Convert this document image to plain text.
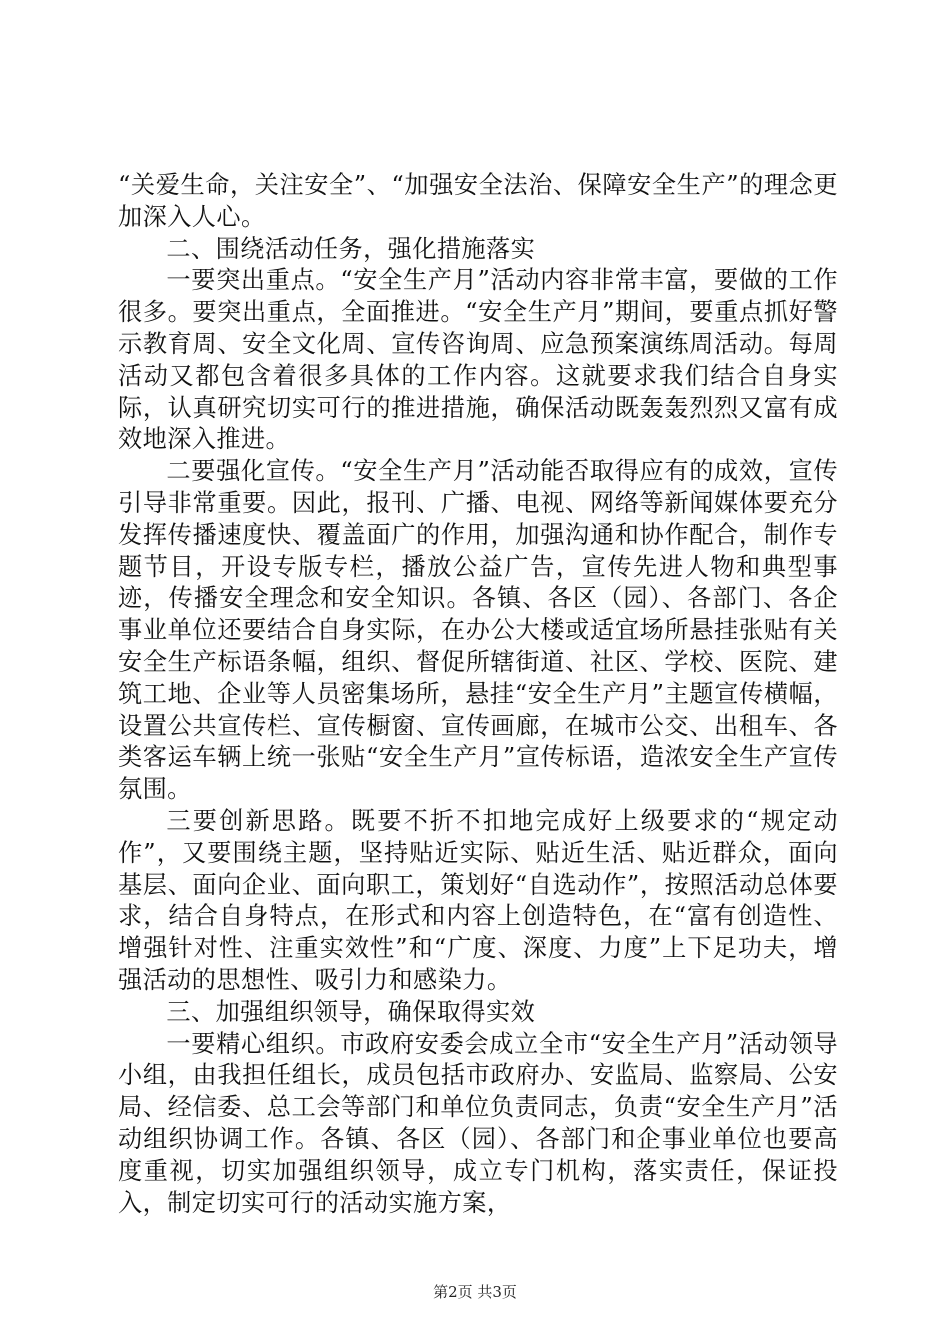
“关爱生命，关注安全”、“加强安全法治、保障安全生产”的理念更加深入人心。

二、围绕活动任务，强化措施落实

一要突出重点。“安全生产月”活动内容非常丰富，要做的工作很多。要突出重点，全面推进。“安全生产月”期间，要重点抓好警示教育周、安全文化周、宣传咨询周、应急预案演练周活动。每周活动又都包含着很多具体的工作内容。这就要求我们结合自身实际，认真研究切实可行的推进措施，确保活动既轰轰烈烈又富有成效地深入推进。

二要强化宣传。“安全生产月”活动能否取得应有的成效，宣传引导非常重要。因此，报刊、广播、电视、网络等新闻媒体要充分发挥传播速度快、覆盖面广的作用，加强沟通和协作配合，制作专题节目，开设专版专栏，播放公益广告，宣传先进人物和典型事迹，传播安全理念和安全知识。各镇、各区（园）、各部门、各企事业单位还要结合自身实际，在办公大楼或适宜场所悬挂张贴有关安全生产标语条幅，组织、督促所辖街道、社区、学校、医院、建筑工地、企业等人员密集场所，悬挂“安全生产月”主题宣传横幅，设置公共宣传栏、宣传橱窗、宣传画廊，在城市公交、出租车、各类客运车辆上统一张贴“安全生产月”宣传标语，造浓安全生产宣传氛围。

三要创新思路。既要不折不扣地完成好上级要求的“规定动作”，又要围绕主题，坚持贴近实际、贴近生活、贴近群众，面向基层、面向企业、面向职工，策划好“自选动作”，按照活动总体要求，结合自身特点，在形式和内容上创造特色，在“富有创造性、增强针对性、注重实效性”和“广度、深度、力度”上下足功夫，增强活动的思想性、吸引力和感染力。

三、加强组织领导，确保取得实效

一要精心组织。市政府安委会成立全市“安全生产月”活动领导小组，由我担任组长，成员包括市政府办、安监局、监察局、公安局、经信委、总工会等部门和单位负责同志，负责“安全生产月”活动组织协调工作。各镇、各区（园）、各部门和企事业单位也要高度重视，切实加强组织领导，成立专门机构，落实责任，保证投入，制定切实可行的活动实施方案，

第2页 共3页
